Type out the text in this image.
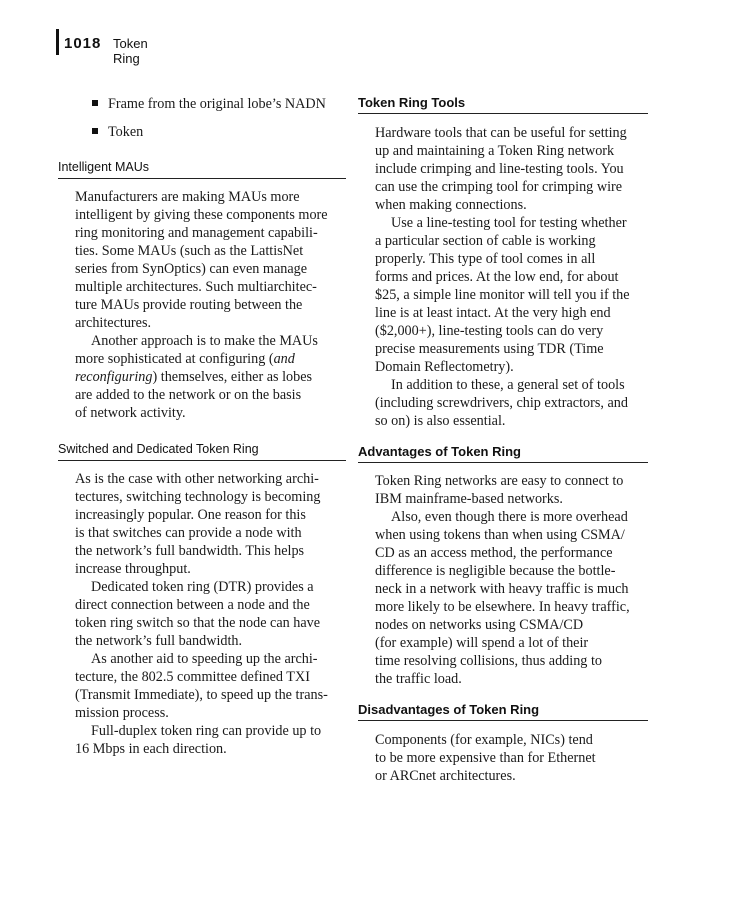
1018 Token Ring
Frame from the original lobe’s NADN
Token
Intelligent MAUs
Manufacturers are making MAUs more
intelligent by giving these components more
ring monitoring and management capabili-
ties. Some MAUs (such as the LattisNet
series from SynOptics) can even manage
multiple architectures. Such multiarchitec-
ture MAUs provide routing between the
architectures.
Another approach is to make the MAUs
more sophisticated at configuring (and
reconfiguring) themselves, either as lobes
are added to the network or on the basis
of network activity.
Switched and Dedicated Token Ring
As is the case with other networking archi-
tectures, switching technology is becoming
increasingly popular. One reason for this
is that switches can provide a node with
the network’s full bandwidth. This helps
increase throughput.
Dedicated token ring (DTR) provides a
direct connection between a node and the
token ring switch so that the node can have
the network’s full bandwidth.
As another aid to speeding up the archi-
tecture, the 802.5 committee defined TXI
(Transmit Immediate), to speed up the trans-
mission process.
Full-duplex token ring can provide up to
16 Mbps in each direction.
Token Ring Tools
Hardware tools that can be useful for setting
up and maintaining a Token Ring network
include crimping and line-testing tools. You
can use the crimping tool for crimping wire
when making connections.
Use a line-testing tool for testing whether
a particular section of cable is working
properly. This type of tool comes in all
forms and prices. At the low end, for about
$25, a simple line monitor will tell you if the
line is at least intact. At the very high end
($2,000+), line-testing tools can do very
precise measurements using TDR (Time
Domain Reflectometry).
In addition to these, a general set of tools
(including screwdrivers, chip extractors, and
so on) is also essential.
Advantages of Token Ring
Token Ring networks are easy to connect to
IBM mainframe-based networks.
Also, even though there is more overhead
when using tokens than when using CSMA/
CD as an access method, the performance
difference is negligible because the bottle-
neck in a network with heavy traffic is much
more likely to be elsewhere. In heavy traffic,
nodes on networks using CSMA/CD
(for example) will spend a lot of their
time resolving collisions, thus adding to
the traffic load.
Disadvantages of Token Ring
Components (for example, NICs) tend
to be more expensive than for Ethernet
or ARCnet architectures.
